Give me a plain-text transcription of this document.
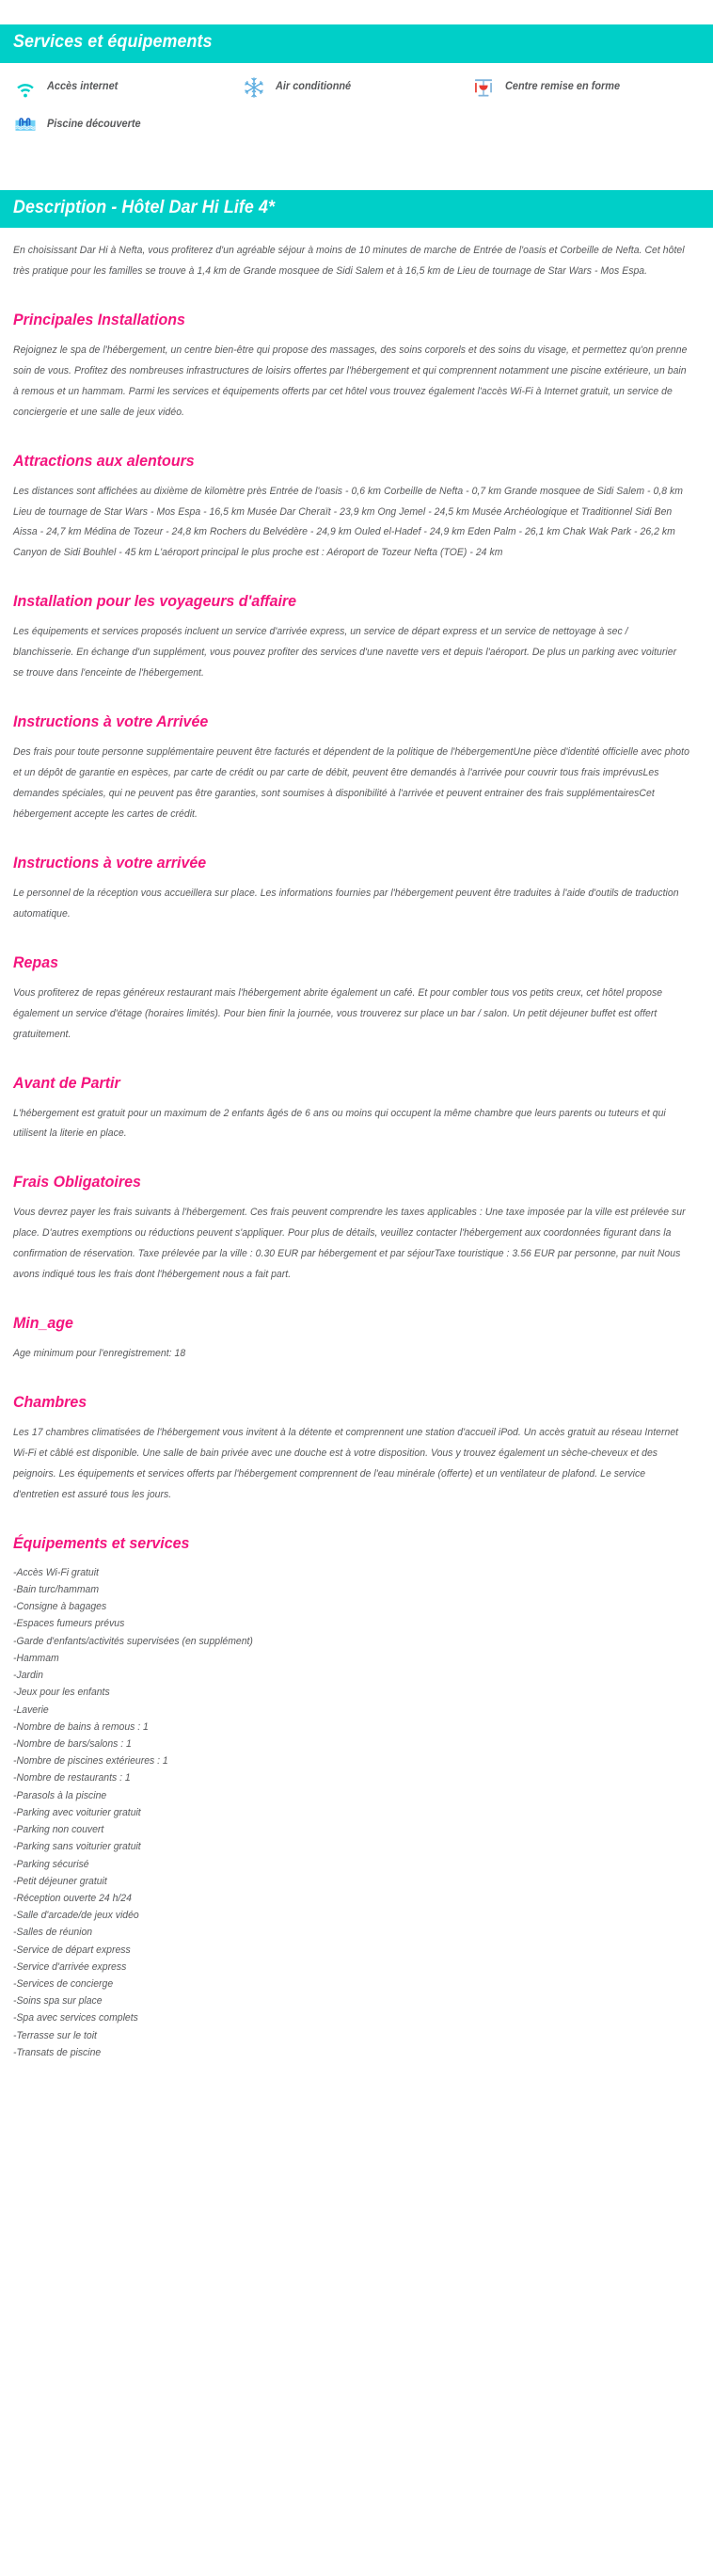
Services et équipements
Accès internet	Air conditionné	Centre remise en forme
Piscine découverte
Description - Hôtel Dar Hi Life 4*

En choisissant Dar Hi à Nefta, vous profiterez d'un agréable séjour à moins de 10 minutes de marche de Entrée de l'oasis et Corbeille de Nefta. Cet hôtel très pratique pour les familles se trouve à 1,4 km de Grande mosquee de Sidi Salem et à 16,5 km de Lieu de tournage de Star Wars - Mos Espa.

Principales Installations

Rejoignez le spa de l'hébergement, un centre bien-être qui propose des massages, des soins corporels et des soins du visage, et permettez qu'on prenne soin de vous. Profitez des nombreuses infrastructures de loisirs offertes par l'hébergement et qui comprennent notamment une piscine extérieure, un bain à remous et un hammam. Parmi les services et équipements offerts par cet hôtel vous trouvez également l'accès Wi-Fi à Internet gratuit, un service de conciergerie et une salle de jeux vidéo.

Attractions aux alentours

Les distances sont affichées au dixième de kilomètre près Entrée de l'oasis - 0,6 km Corbeille de Nefta - 0,7 km Grande mosquee de Sidi Salem - 0,8 km Lieu de tournage de Star Wars - Mos Espa - 16,5 km Musée Dar Cheraït - 23,9 km Ong Jemel - 24,5 km Musée Archéologique et Traditionnel Sidi Ben Aissa - 24,7 km Médina de Tozeur - 24,8 km Rochers du Belvédère - 24,9 km Ouled el-Hadef - 24,9 km Eden Palm - 26,1 km Chak Wak Park - 26,2 km Canyon de Sidi Bouhlel - 45 km L'aéroport principal le plus proche est : Aéroport de Tozeur Nefta (TOE) - 24 km

Installation pour les voyageurs d'affaire

Les équipements et services proposés incluent un service d'arrivée express, un service de départ express et un service de nettoyage à sec / blanchisserie. En échange d'un supplément, vous pouvez profiter des services d'une navette vers et depuis l'aéroport. De plus un parking avec voiturier se trouve dans l'enceinte de l'hébergement.

Instructions à votre Arrivée

Des frais pour toute personne supplémentaire peuvent être facturés et dépendent de la politique de l'hébergementUne pièce d'identité officielle avec photo et un dépôt de garantie en espèces, par carte de crédit ou par carte de débit, peuvent être demandés à l'arrivée pour couvrir tous frais imprévusLes demandes spéciales, qui ne peuvent pas être garanties, sont soumises à disponibilité à l'arrivée et peuvent entrainer des frais supplémentairesCet hébergement accepte les cartes de crédit.

Instructions à votre arrivée

Le personnel de la réception vous accueillera sur place. Les informations fournies par l'hébergement peuvent être traduites à l'aide d'outils de traduction automatique.

Repas

Vous profiterez de repas généreux restaurant mais l'hébergement abrite également un café. Et pour combler tous vos petits creux, cet hôtel propose également un service d'étage (horaires limités). Pour bien finir la journée, vous trouverez sur place un bar / salon. Un petit déjeuner buffet est offert gratuitement.

Avant de Partir

L'hébergement est gratuit pour un maximum de 2 enfants âgés de 6 ans ou moins qui occupent la même chambre que leurs parents ou tuteurs et qui utilisent la literie en place.

Frais Obligatoires

Vous devrez payer les frais suivants à l'hébergement. Ces frais peuvent comprendre les taxes applicables : Une taxe imposée par la ville est prélevée sur place. D'autres exemptions ou réductions peuvent s'appliquer. Pour plus de détails, veuillez contacter l'hébergement aux coordonnées figurant dans la confirmation de réservation. Taxe prélevée par la ville : 0.30 EUR par hébergement et par séjourTaxe touristique : 3.56 EUR par personne, par nuit Nous avons indiqué tous les frais dont l'hébergement nous a fait part.

Min_age

Age minimum pour l'enregistrement: 18

Chambres

Les 17 chambres climatisées de l'hébergement vous invitent à la détente et comprennent une station d'accueil iPod. Un accès gratuit au réseau Internet Wi-Fi et câblé est disponible. Une salle de bain privée avec une douche est à votre disposition. Vous y trouvez également un sèche-cheveux et des peignoirs. Les équipements et services offerts par l'hébergement comprennent de l'eau minérale (offerte) et un ventilateur de plafond. Le service d'entretien est assuré tous les jours.

Équipements et services
-Accès Wi-Fi gratuit
-Bain turc/hammam
-Consigne à bagages
-Espaces fumeurs prévus
-Garde d'enfants/activités supervisées (en supplément)
-Hammam
-Jardin
-Jeux pour les enfants
-Laverie
-Nombre de bains à remous : 1
-Nombre de bars/salons : 1
-Nombre de piscines extérieures : 1
-Nombre de restaurants : 1
-Parasols à la piscine
-Parking avec voiturier gratuit
-Parking non couvert
-Parking sans voiturier gratuit
-Parking sécurisé
-Petit déjeuner gratuit
-Réception ouverte 24 h/24
-Salle d'arcade/de jeux vidéo
-Salles de réunion
-Service de départ express
-Service d'arrivée express
-Services de concierge
-Soins spa sur place
-Spa avec services complets
-Terrasse sur le toit
-Transats de piscine
